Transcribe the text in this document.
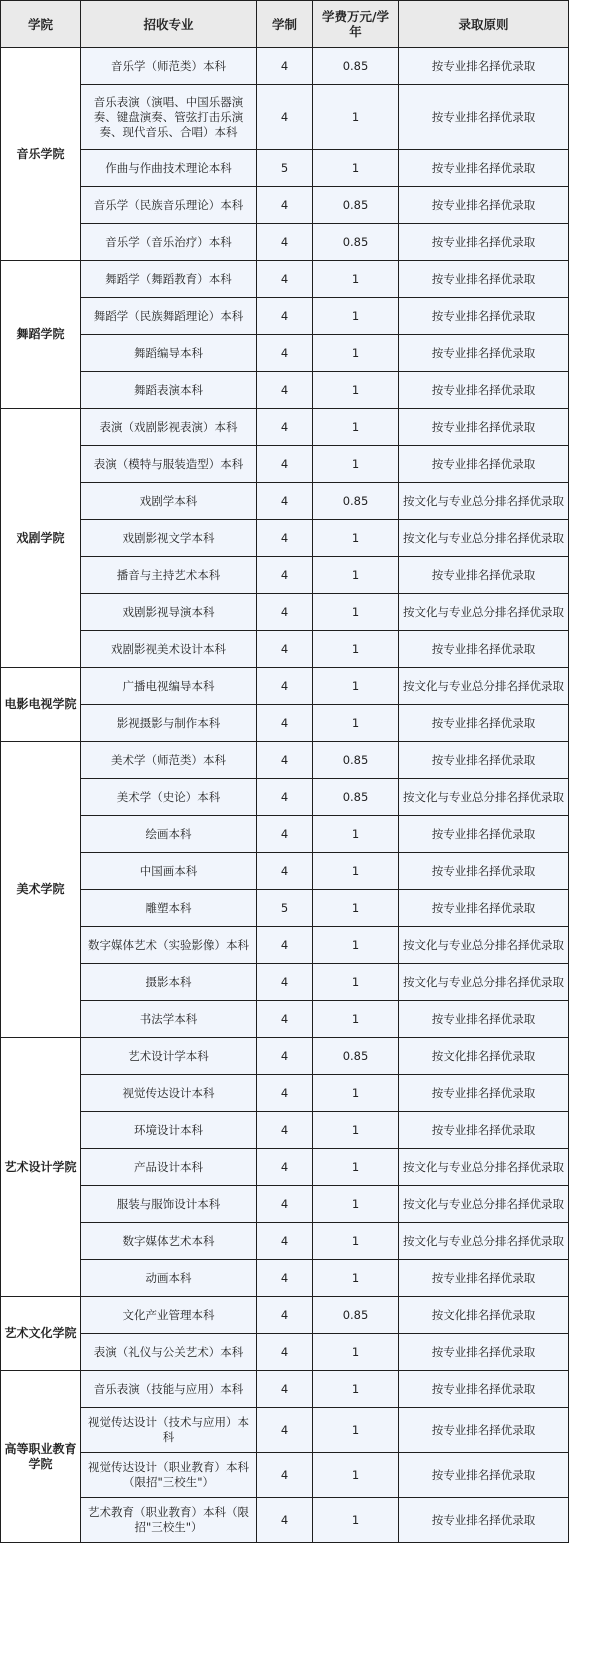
学院	招收专业	学制	学费万元/学年	录取原则
音乐学院	音乐学（师范类）本科	4	0.85	按专业排名择优录取
	音乐表演（演唱、中国乐器演奏、键盘演奏、管弦打击乐演奏、现代音乐、合唱）本科	4	1	按专业排名择优录取
	作曲与作曲技术理论本科	5	1	按专业排名择优录取
	音乐学（民族音乐理论）本科	4	0.85	按专业排名择优录取
	音乐学（音乐治疗）本科	4	0.85	按专业排名择优录取
舞蹈学院	舞蹈学（舞蹈教育）本科	4	1	按专业排名择优录取
	舞蹈学（民族舞蹈理论）本科	4	1	按专业排名择优录取
	舞蹈编导本科	4	1	按专业排名择优录取
	舞蹈表演本科	4	1	按专业排名择优录取
戏剧学院	表演（戏剧影视表演）本科	4	1	按专业排名择优录取
	表演（模特与服装造型）本科	4	1	按专业排名择优录取
	戏剧学本科	4	0.85	按文化与专业总分排名择优录取
	戏剧影视文学本科	4	1	按文化与专业总分排名择优录取
	播音与主持艺术本科	4	1	按专业排名择优录取
	戏剧影视导演本科	4	1	按文化与专业总分排名择优录取
	戏剧影视美术设计本科	4	1	按专业排名择优录取
电影电视学院	广播电视编导本科	4	1	按文化与专业总分排名择优录取
	影视摄影与制作本科	4	1	按专业排名择优录取
美术学院	美术学（师范类）本科	4	0.85	按专业排名择优录取
	美术学（史论）本科	4	0.85	按文化与专业总分排名择优录取
	绘画本科	4	1	按专业排名择优录取
	中国画本科	4	1	按专业排名择优录取
	雕塑本科	5	1	按专业排名择优录取
	数字媒体艺术（实验影像）本科	4	1	按文化与专业总分排名择优录取
	摄影本科	4	1	按文化与专业总分排名择优录取
	书法学本科	4	1	按专业排名择优录取
艺术设计学院	艺术设计学本科	4	0.85	按文化排名择优录取
	视觉传达设计本科	4	1	按专业排名择优录取
	环境设计本科	4	1	按专业排名择优录取
	产品设计本科	4	1	按文化与专业总分排名择优录取
	服装与服饰设计本科	4	1	按文化与专业总分排名择优录取
	数字媒体艺术本科	4	1	按文化与专业总分排名择优录取
	动画本科	4	1	按专业排名择优录取
艺术文化学院	文化产业管理本科	4	0.85	按文化排名择优录取
	表演（礼仪与公关艺术）本科	4	1	按专业排名择优录取
高等职业教育学院	音乐表演（技能与应用）本科	4	1	按专业排名择优录取
	视觉传达设计（技术与应用）本科	4	1	按专业排名择优录取
	视觉传达设计（职业教育）本科（限招"三校生"）	4	1	按专业排名择优录取
	艺术教育（职业教育）本科（限招"三校生"）	4	1	按专业排名择优录取
